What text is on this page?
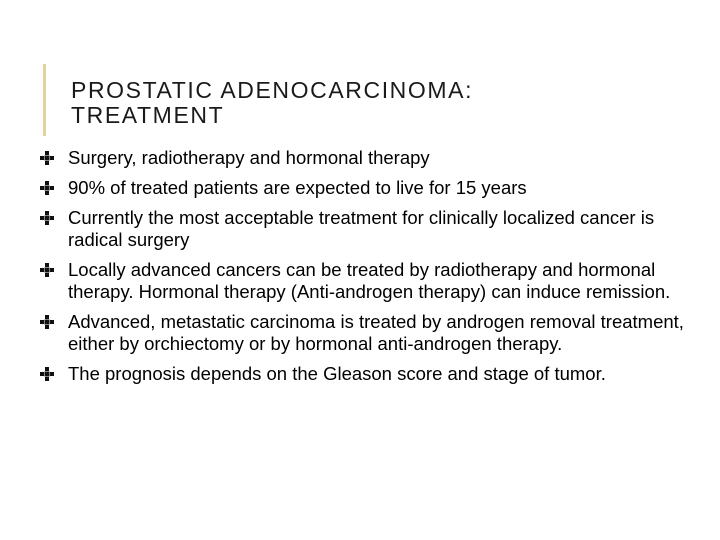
PROSTATIC ADENOCARCINOMA:
TREATMENT
Surgery, radiotherapy and hormonal therapy
90% of treated patients are expected to live for 15 years
Currently the most acceptable treatment for clinically localized cancer is radical surgery
Locally advanced cancers can be treated by radiotherapy and hormonal therapy. Hormonal therapy (Anti-androgen therapy) can induce remission.
Advanced, metastatic carcinoma is treated by androgen removal treatment, either by orchiectomy or by hormonal anti-androgen therapy.
The prognosis depends on the Gleason score and stage of tumor.
